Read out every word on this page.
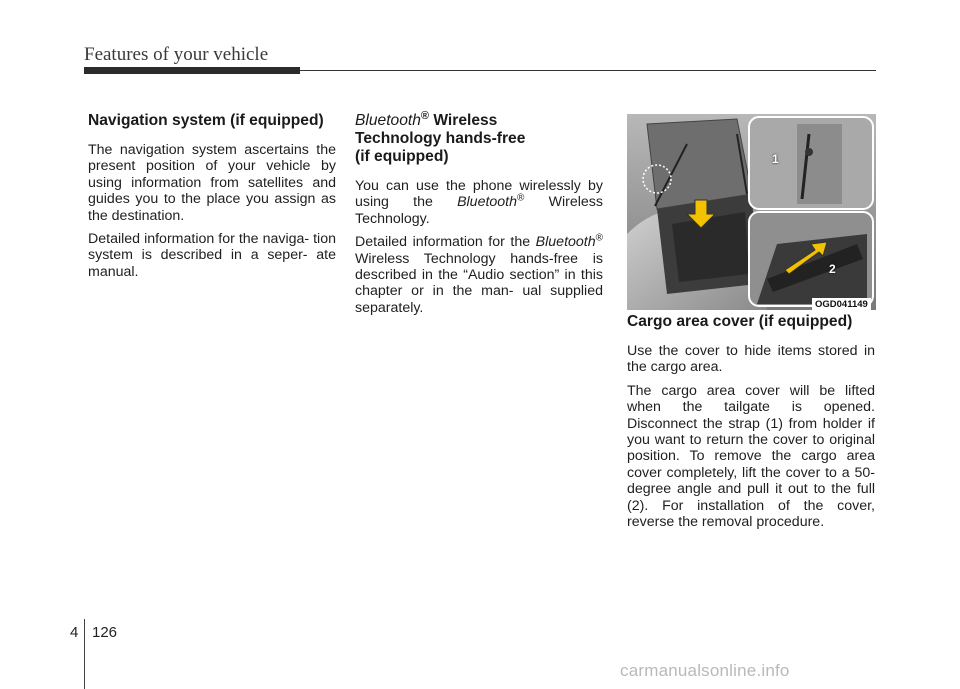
Features of your vehicle
Navigation system (if equipped)

The navigation system ascertains the present position of your vehicle by using information from satellites and guides you to the place you assign as the destination.

Detailed information for the naviga- tion system is described in a seper- ate manual.

Bluetooth® Wireless
Technology hands-free
(if equipped)

You can use the phone wirelessly by using the Bluetooth® Wireless Technology.

Detailed information for the Bluetooth® Wireless Technology hands-free is described in the “Audio section” in this chapter or in the man- ual supplied separately.

1
2
OGD041149
Cargo area cover (if equipped)

Use the cover to hide items stored in the cargo area.

The cargo area cover will be lifted when the tailgate is opened. Disconnect the strap (1) from holder if you want to return the cover to original position. To remove the cargo area cover completely, lift the cover to a 50- degree angle and pull it out to the full (2). For installation of the cover, reverse the removal procedure.

4 126
carmanualsonline.info
